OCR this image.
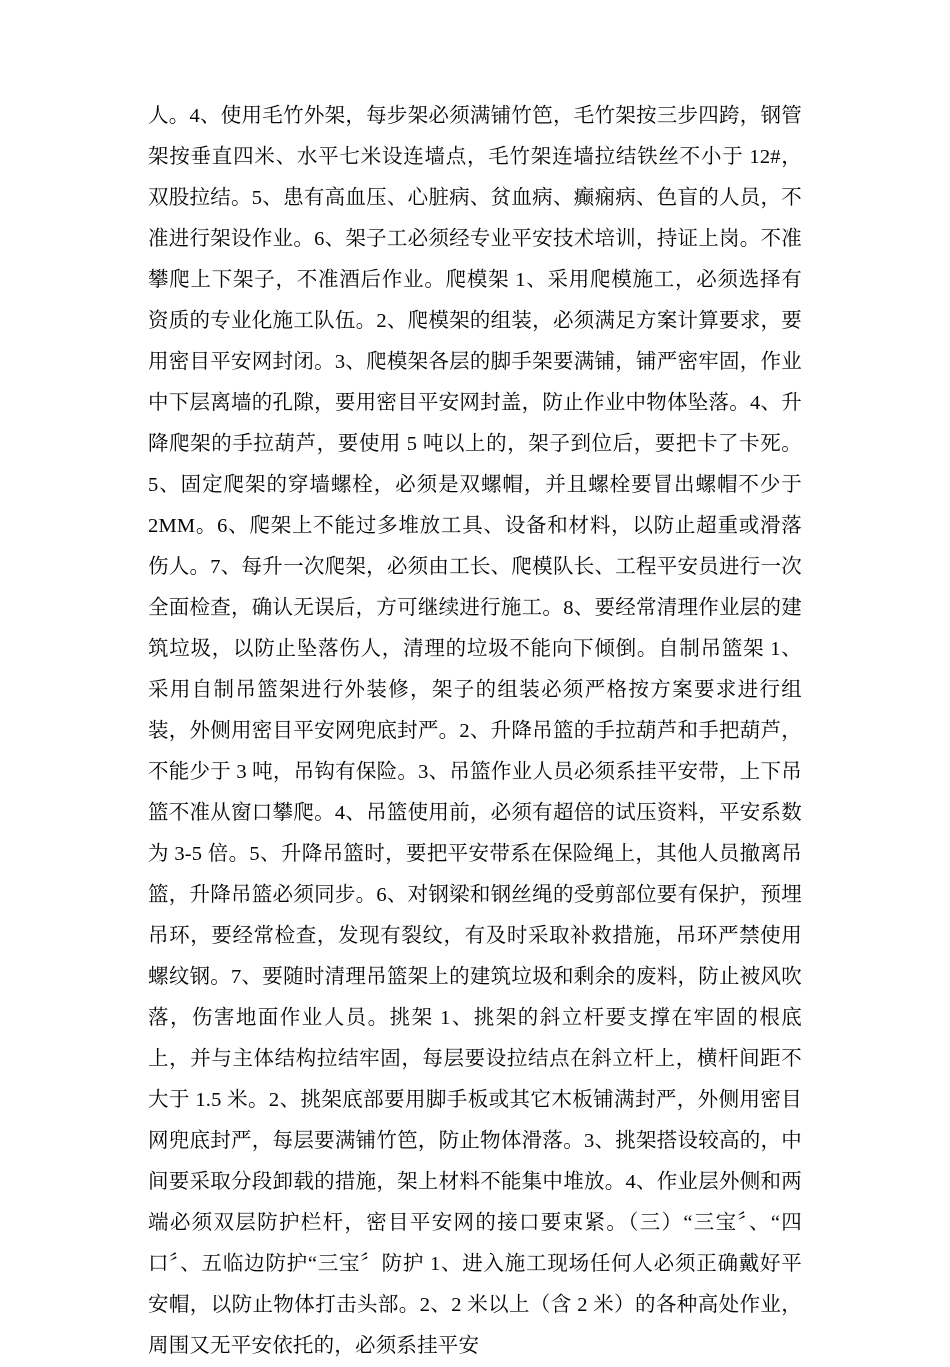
人。4、使用毛竹外架，每步架必须满铺竹笆，毛竹架按三步四跨，钢管架按垂直四米、水平七米设连墙点，毛竹架连墙拉结铁丝不小于 12#，双股拉结。5、患有高血压、心脏病、贫血病、癫痫病、色盲的人员，不准进行架设作业。6、架子工必须经专业平安技术培训，持证上岗。不准攀爬上下架子，不准酒后作业。爬模架 1、采用爬模施工，必须选择有资质的专业化施工队伍。2、爬模架的组装，必须满足方案计算要求，要用密目平安网封闭。3、爬模架各层的脚手架要满铺，铺严密牢固，作业中下层离墙的孔隙，要用密目平安网封盖，防止作业中物体坠落。4、升降爬架的手拉葫芦，要使用 5 吨以上的，架子到位后，要把卡了卡死。5、固定爬架的穿墙螺栓，必须是双螺帽，并且螺栓要冒出螺帽不少于 2MM。6、爬架上不能过多堆放工具、设备和材料，以防止超重或滑落伤人。7、每升一次爬架，必须由工长、爬模队长、工程平安员进行一次全面检查，确认无误后，方可继续进行施工。8、要经常清理作业层的建筑垃圾，以防止坠落伤人，清理的垃圾不能向下倾倒。自制吊篮架 1、采用自制吊篮架进行外装修，架子的组装必须严格按方案要求进行组装，外侧用密目平安网兜底封严。2、升降吊篮的手拉葫芦和手把葫芦，不能少于 3 吨，吊钩有保险。3、吊篮作业人员必须系挂平安带，上下吊篮不准从窗口攀爬。4、吊篮使用前，必须有超倍的试压资料，平安系数为 3-5 倍。5、升降吊篮时，要把平安带系在保险绳上，其他人员撤离吊篮，升降吊篮必须同步。6、对钢梁和钢丝绳的受剪部位要有保护，预埋吊环，要经常检查，发现有裂纹，有及时采取补救措施，吊环严禁使用螺纹钢。7、要随时清理吊篮架上的建筑垃圾和剩余的废料，防止被风吹落，伤害地面作业人员。挑架 1、挑架的斜立杆要支撑在牢固的根底上，并与主体结构拉结牢固，每层要设拉结点在斜立杆上，横杆间距不大于 1.5 米。2、挑架底部要用脚手板或其它木板铺满封严，外侧用密目网兜底封严，每层要满铺竹笆，防止物体滑落。3、挑架搭设较高的，中间要采取分段卸载的措施，架上材料不能集中堆放。4、作业层外侧和两端必须双层防护栏杆，密目平安网的接口要束紧。（三）“三宝〞、“四口〞、五临边防护“三宝〞防护 1、进入施工现场任何人必须正确戴好平安帽，以防止物体打击头部。2、2 米以上（含 2 米）的各种高处作业，周围又无平安依托的，必须系挂平安
